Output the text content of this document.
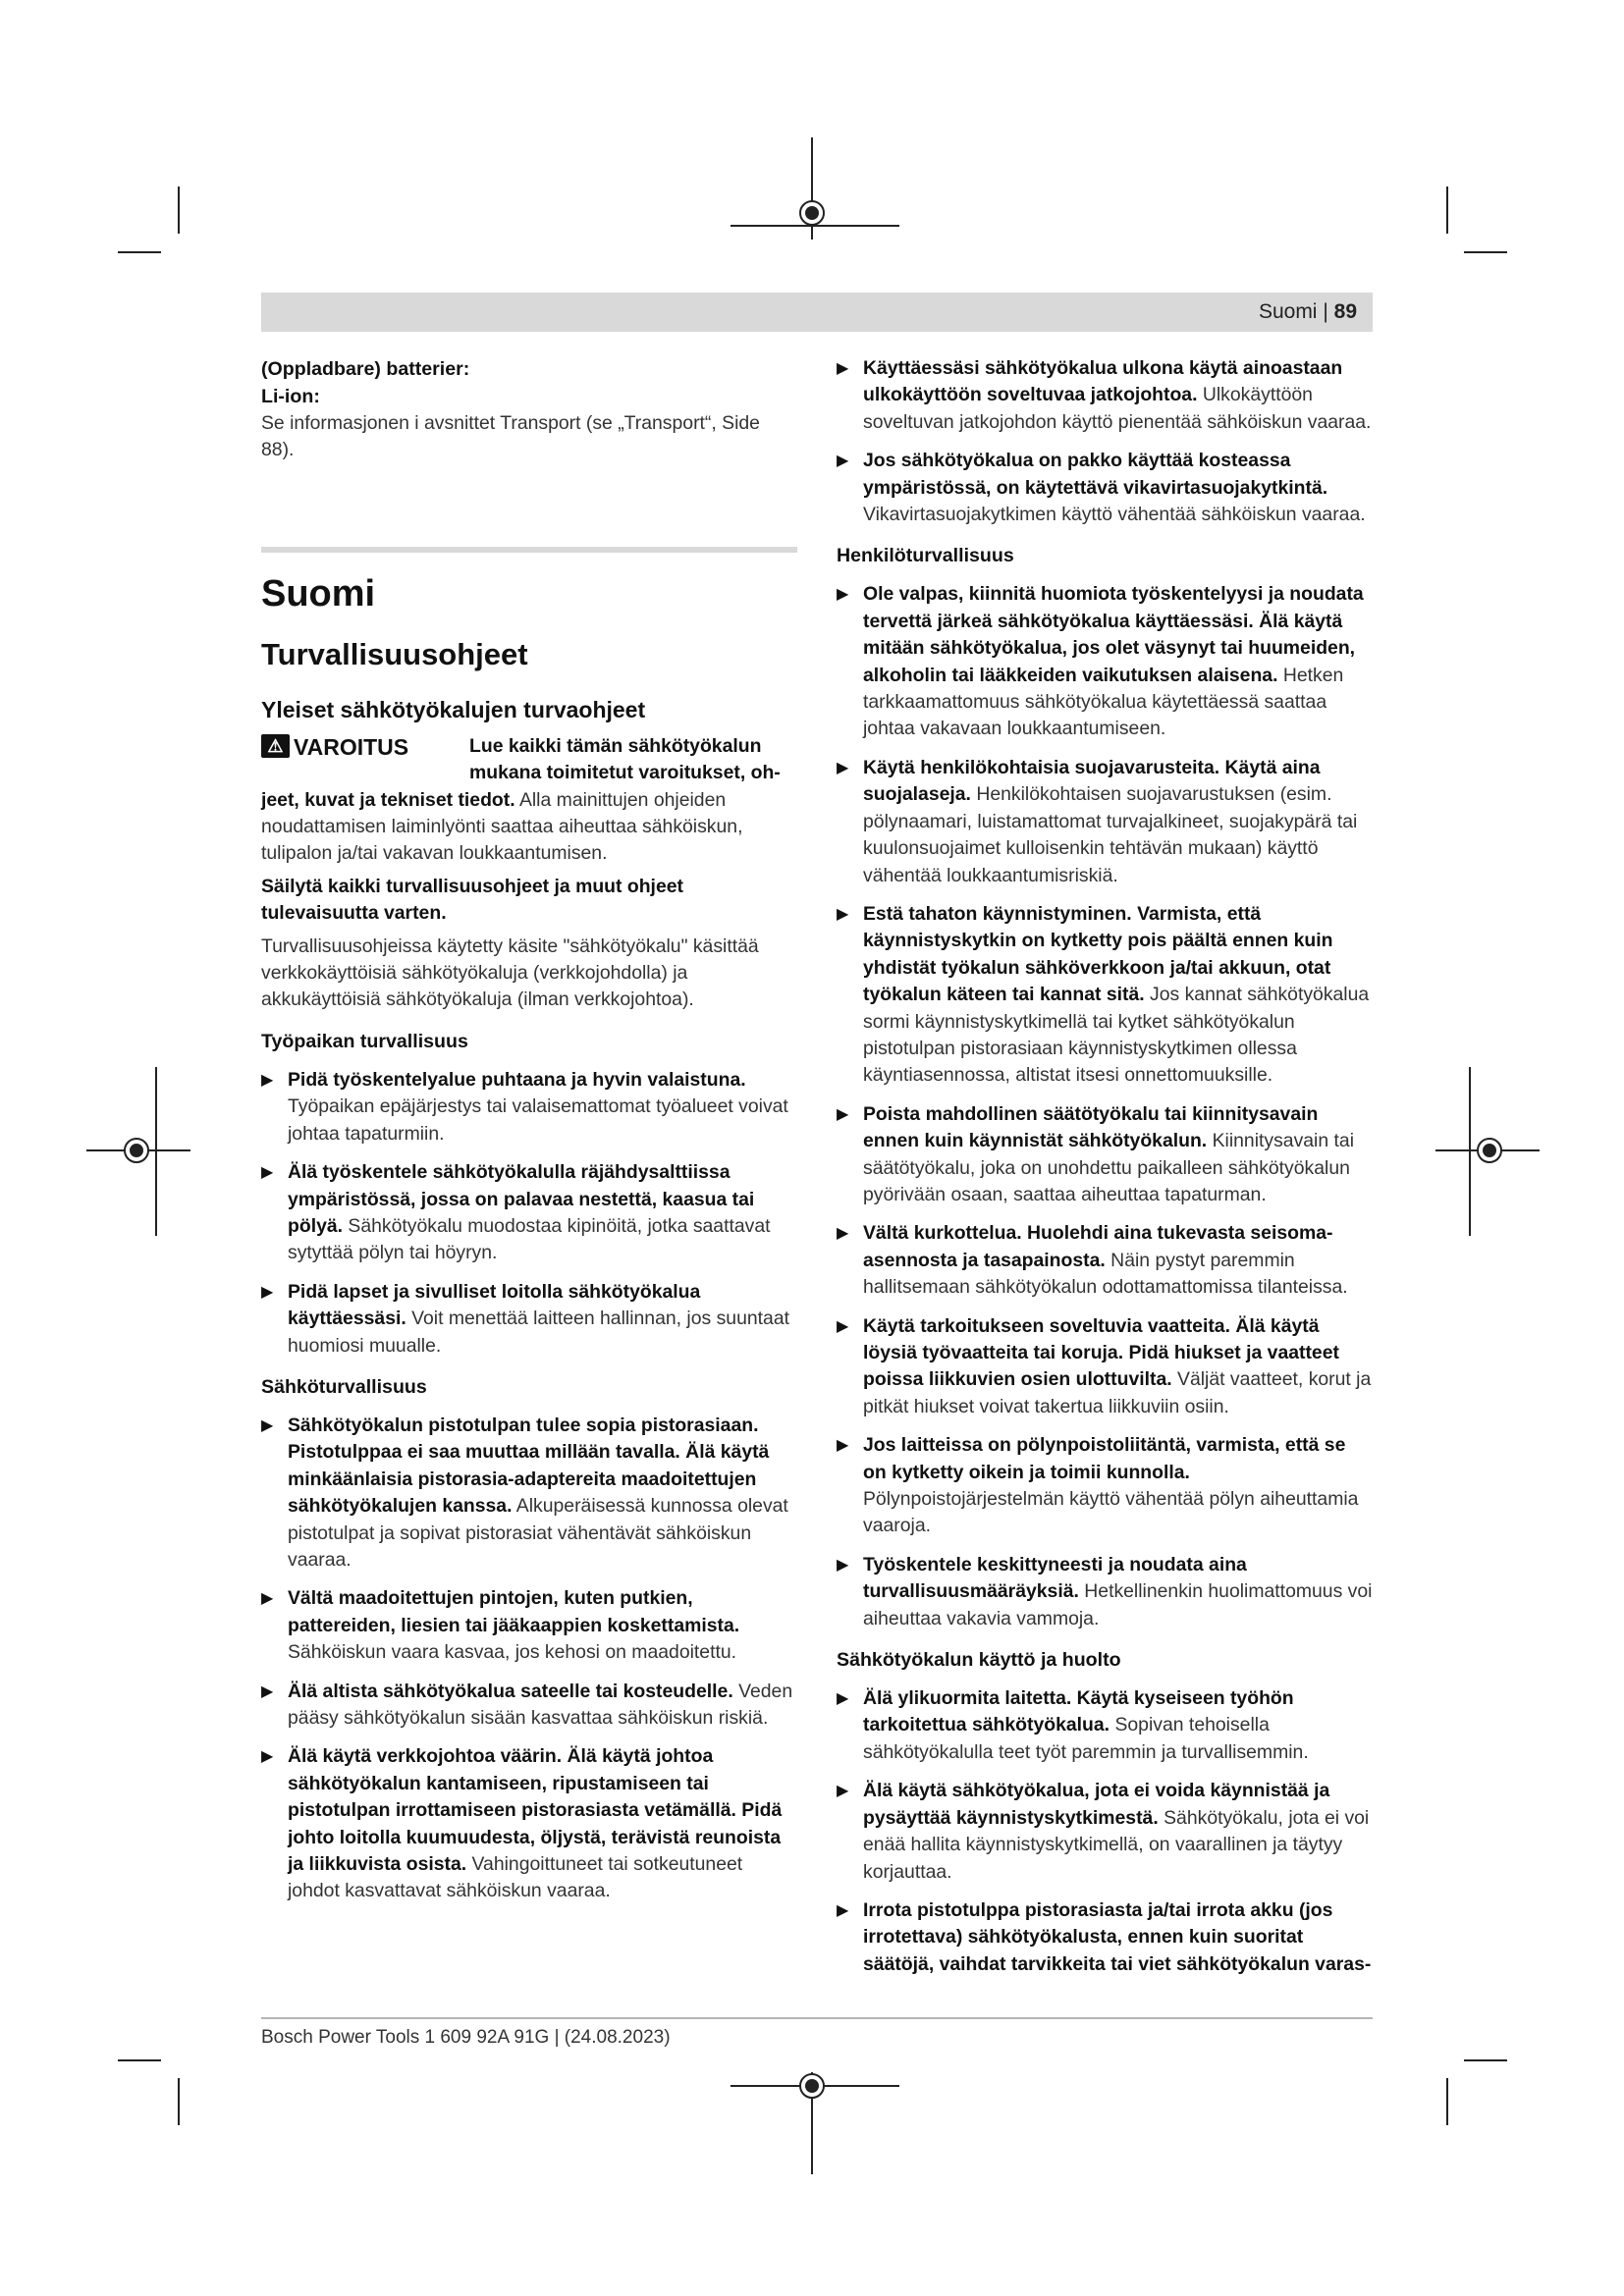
Suomi | 89

(Oppladbare) batterier:

Li-ion:

Se informasjonen i avsnittet Transport (se „Transport“, Side 88).

Suomi
Turvallisuusohjeet
Yleiset sähkötyökalujen turvaohjeet
⚠ VAROITUS	Lue kaikki tämän sähkötyökalun mukana toimitetut varoitukset, oh-

jeet, kuvat ja tekniset tiedot. Alla mainittujen ohjeiden noudattamisen laiminlyönti saattaa aiheuttaa sähköiskun, tulipalon ja/tai vakavan loukkaantumisen.

Säilytä kaikki turvallisuusohjeet ja muut ohjeet tulevaisuutta varten.

Turvallisuusohjeissa käytetty käsite "sähkötyökalu" käsittää verkkokäyttöisiä sähkötyökaluja (verkkojohdolla) ja akkukäyttöisiä sähkötyökaluja (ilman verkkojohtoa).

Työpaikan turvallisuus
▶ Pidä työskentelyalue puhtaana ja hyvin valaistuna. Työpaikan epäjärjestys tai valaisemattomat työalueet voivat johtaa tapaturmiin.
▶ Älä työskentele sähkötyökalulla räjähdysalttiissa ympäristössä, jossa on palavaa nestettä, kaasua tai pölyä. Sähkötyökalu muodostaa kipinöitä, jotka saattavat sytyttää pölyn tai höyryn.
▶ Pidä lapset ja sivulliset loitolla sähkötyökalua käyttäessäsi. Voit menettää laitteen hallinnan, jos suuntaat huomiosi muualle.
Sähköturvallisuus
▶ Sähkötyökalun pistotulpan tulee sopia pistorasiaan. Pistotulppaa ei saa muuttaa millään tavalla. Älä käytä minkäänlaisia pistorasia-adaptereita maadoitettujen sähkötyökalujen kanssa. Alkuperäisessä kunnossa olevat pistotulpat ja sopivat pistorasiat vähentävät sähköiskun vaaraa.
▶ Vältä maadoitettujen pintojen, kuten putkien, pattereiden, liesien tai jääkaappien koskettamista. Sähköiskun vaara kasvaa, jos kehosi on maadoitettu.
▶ Älä altista sähkötyökalua sateelle tai kosteudelle. Veden pääsy sähkötyökalun sisään kasvattaa sähköiskun riskiä.
▶ Älä käytä verkkojohtoa väärin. Älä käytä johtoa sähkötyökalun kantamiseen, ripustamiseen tai pistotulpan irrottamiseen pistorasiasta vetämällä. Pidä johto loitolla kuumuudesta, öljystä, terävistä reunoista ja liikkuvista osista. Vahingoittuneet tai sotkeutuneet johdot kasvattavat sähköiskun vaaraa.
▶ Käyttäessäsi sähkötyökalua ulkona käytä ainoastaan ulkokäyttöön soveltuvaa jatkojohtoa. Ulkokäyttöön soveltuvan jatkojohdon käyttö pienentää sähköiskun vaaraa.
▶ Jos sähkötyökalua on pakko käyttää kosteassa ympäristössä, on käytettävä vikavirtasuojakytkintä. Vikavirtasuojakytkimen käyttö vähentää sähköiskun vaaraa.
Henkilöturvallisuus
▶ Ole valpas, kiinnitä huomiota työskentelyysi ja noudata tervettä järkeä sähkötyökalua käyttäessäsi. Älä käytä mitään sähkötyökalua, jos olet väsynyt tai huumeiden, alkoholin tai lääkkeiden vaikutuksen alaisena. Hetken tarkkaamattomuus sähkötyökalua käytettäessä saattaa johtaa vakavaan loukkaantumiseen.
▶ Käytä henkilökohtaisia suojavarusteita. Käytä aina suojalaseja. Henkilökohtaisen suojavarustuksen (esim. pölynaamari, luistamattomat turvajalkineet, suojakypärä tai kuulonsuojaimet kulloisenkin tehtävän mukaan) käyttö vähentää loukkaantumisriskiä.
▶ Estä tahaton käynnistyminen. Varmista, että käynnistyskytkin on kytketty pois päältä ennen kuin yhdistät työkalun sähköverkkoon ja/tai akkuun, otat työkalun käteen tai kannat sitä. Jos kannat sähkötyökalua sormi käynnistyskytkimellä tai kytket sähkötyökalun pistotulpan pistorasiaan käynnistyskytkimen ollessa käyntiasennossa, altistat itsesi onnettomuuksille.
▶ Poista mahdollinen säätötyökalu tai kiinnitysavain ennen kuin käynnistät sähkötyökalun. Kiinnitysavain tai säätötyökalu, joka on unohdettu paikalleen sähkötyökalun pyörivään osaan, saattaa aiheuttaa tapaturman.
▶ Vältä kurkottelua. Huolehdi aina tukevasta seisoma-asennosta ja tasapainosta. Näin pystyt paremmin hallitsemaan sähkötyökalun odottamattomissa tilanteissa.
▶ Käytä tarkoitukseen soveltuvia vaatteita. Älä käytä löysiä työvaatteita tai koruja. Pidä hiukset ja vaatteet poissa liikkuvien osien ulottuvilta. Väljät vaatteet, korut ja pitkät hiukset voivat takertua liikkuviin osiin.
▶ Jos laitteissa on pölynpoistoliitäntä, varmista, että se on kytketty oikein ja toimii kunnolla. Pölynpoistojärjestelmän käyttö vähentää pölyn aiheuttamia vaaroja.
▶ Työskentele keskittyneesti ja noudata aina turvallisuusmääräyksiä. Hetkellinenkin huolimattomuus voi aiheuttaa vakavia vammoja.
Sähkötyökalun käyttö ja huolto
▶ Älä ylikuormita laitetta. Käytä kyseiseen työhön tarkoitettua sähkötyökalua. Sopivan tehoisella sähkötyökalulla teet työt paremmin ja turvallisemmin.
▶ Älä käytä sähkötyökalua, jota ei voida käynnistää ja pysäyttää käynnistyskytkimestä. Sähkötyökalu, jota ei voi enää hallita käynnistyskytkimellä, on vaarallinen ja täytyy korjauttaa.
▶ Irrota pistotulppa pistorasiasta ja/tai irrota akku (jos irrotettava) sähkötyökalusta, ennen kuin suoritat säätöjä, vaihdat tarvikkeita tai viet sähkötyökalun varas-
Bosch Power Tools 1 609 92A 91G | (24.08.2023)
